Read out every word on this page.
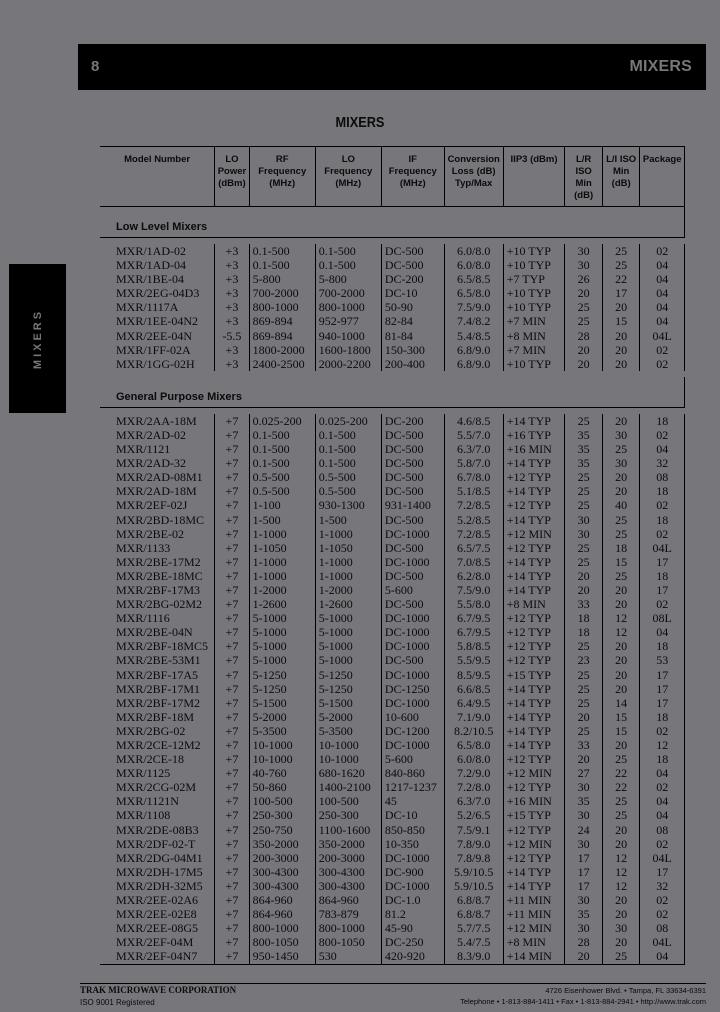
8	MIXERS
MIXERS
MIXERS
Model Number	LO Power (dBm)	RF Frequency (MHz)	LO Frequency (MHz)	IF Frequency (MHz)	Conversion Loss (dB) Typ/Max	IIP3 (dBm)	L/R ISO Min (dB)	L/I ISO Min (dB)	Package
Low Level Mixers									

MXR/1AD-02	+3	0.1-500	0.1-500	DC-500	6.0/8.0	+10 TYP	30	25	02
MXR/1AD-04	+3	0.1-500	0.1-500	DC-500	6.0/8.0	+10 TYP	30	25	04
MXR/1BE-04	+3	5-800	5-800	DC-200	6.5/8.5	+7 TYP	26	22	04
MXR/2EG-04D3	+3	700-2000	700-2000	DC-10	6.5/8.0	+10 TYP	20	17	04
MXR/1117A	+3	800-1000	800-1000	50-90	7.5/9.0	+10 TYP	25	20	04
MXR/1EE-04N2	+3	869-894	952-977	82-84	7.4/8.2	+7 MIN	25	15	04
MXR/2EE-04N	-5.5	869-894	940-1000	81-84	5.4/8.5	+8 MIN	28	20	04L
MXR/1FF-02A	+3	1800-2000	1600-1800	150-300	6.8/9.0	+7 MIN	20	20	02
MXR/1GG-02H	+3	2400-2500	2000-2200	200-400	6.8/9.0	+10 TYP	20	20	02

General Purpose Mixers									

MXR/2AA-18M	+7	0.025-200	0.025-200	DC-200	4.6/8.5	+14 TYP	25	20	18
MXR/2AD-02	+7	0.1-500	0.1-500	DC-500	5.5/7.0	+16 TYP	35	30	02
MXR/1121	+7	0.1-500	0.1-500	DC-500	6.3/7.0	+16 MIN	35	25	04
MXR/2AD-32	+7	0.1-500	0.1-500	DC-500	5.8/7.0	+14 TYP	35	30	32
MXR/2AD-08M1	+7	0.5-500	0.5-500	DC-500	6.7/8.0	+12 TYP	25	20	08
MXR/2AD-18M	+7	0.5-500	0.5-500	DC-500	5.1/8.5	+14 TYP	25	20	18
MXR/2EF-02J	+7	1-100	930-1300	931-1400	7.2/8.5	+12 TYP	25	40	02
MXR/2BD-18MC	+7	1-500	1-500	DC-500	5.2/8.5	+14 TYP	30	25	18
MXR/2BE-02	+7	1-1000	1-1000	DC-1000	7.2/8.5	+12 MIN	30	25	02
MXR/1133	+7	1-1050	1-1050	DC-500	6.5/7.5	+12 TYP	25	18	04L
MXR/2BE-17M2	+7	1-1000	1-1000	DC-1000	7.0/8.5	+14 TYP	25	15	17
MXR/2BE-18MC	+7	1-1000	1-1000	DC-500	6.2/8.0	+14 TYP	20	25	18
MXR/2BF-17M3	+7	1-2000	1-2000	5-600	7.5/9.0	+14 TYP	20	20	17
MXR/2BG-02M2	+7	1-2600	1-2600	DC-500	5.5/8.0	+8 MIN	33	20	02
MXR/1116	+7	5-1000	5-1000	DC-1000	6.7/9.5	+12 TYP	18	12	08L
MXR/2BE-04N	+7	5-1000	5-1000	DC-1000	6.7/9.5	+12 TYP	18	12	04
MXR/2BF-18MC5	+7	5-1000	5-1000	DC-1000	5.8/8.5	+12 TYP	25	20	18
MXR/2BE-53M1	+7	5-1000	5-1000	DC-500	5.5/9.5	+12 TYP	23	20	53
MXR/2BF-17A5	+7	5-1250	5-1250	DC-1000	8.5/9.5	+15 TYP	25	20	17
MXR/2BF-17M1	+7	5-1250	5-1250	DC-1250	6.6/8.5	+14 TYP	25	20	17
MXR/2BF-17M2	+7	5-1500	5-1500	DC-1000	6.4/9.5	+14 TYP	25	14	17
MXR/2BF-18M	+7	5-2000	5-2000	10-600	7.1/9.0	+14 TYP	20	15	18
MXR/2BG-02	+7	5-3500	5-3500	DC-1200	8.2/10.5	+14 TYP	25	15	02
MXR/2CE-12M2	+7	10-1000	10-1000	DC-1000	6.5/8.0	+14 TYP	33	20	12
MXR/2CE-18	+7	10-1000	10-1000	5-600	6.0/8.0	+12 TYP	20	25	18
MXR/1125	+7	40-760	680-1620	840-860	7.2/9.0	+12 MIN	27	22	04
MXR/2CG-02M	+7	50-860	1400-2100	1217-1237	7.2/8.0	+12 TYP	30	22	02
MXR/1121N	+7	100-500	100-500	45	6.3/7.0	+16 MIN	35	25	04
MXR/1108	+7	250-300	250-300	DC-10	5.2/6.5	+15 TYP	30	25	04
MXR/2DE-08B3	+7	250-750	1100-1600	850-850	7.5/9.1	+12 TYP	24	20	08
MXR/2DF-02-T	+7	350-2000	350-2000	10-350	7.8/9.0	+12 MIN	30	20	02
MXR/2DG-04M1	+7	200-3000	200-3000	DC-1000	7.8/9.8	+12 TYP	17	12	04L
MXR/2DH-17M5	+7	300-4300	300-4300	DC-900	5.9/10.5	+14 TYP	17	12	17
MXR/2DH-32M5	+7	300-4300	300-4300	DC-1000	5.9/10.5	+14 TYP	17	12	32
MXR/2EE-02A6	+7	864-960	864-960	DC-1.0	6.8/8.7	+11 MIN	30	20	02
MXR/2EE-02E8	+7	864-960	783-879	81.2	6.8/8.7	+11 MIN	35	20	02
MXR/2EE-08G5	+7	800-1000	800-1000	45-90	5.7/7.5	+12 MIN	30	30	08
MXR/2EF-04M	+7	800-1050	800-1050	DC-250	5.4/7.5	+8 MIN	28	20	04L
MXR/2EF-04N7	+7	950-1450	530	420-920	8.3/9.0	+14 MIN	20	25	04
TRAK MICROWAVE CORPORATION
ISO 9001 Registered
4726 Eisenhower Blvd. • Tampa, FL 33634-6391
Telephone • 1-813-884-1411 • Fax • 1-813-884-2941 • http://www.trak.com
